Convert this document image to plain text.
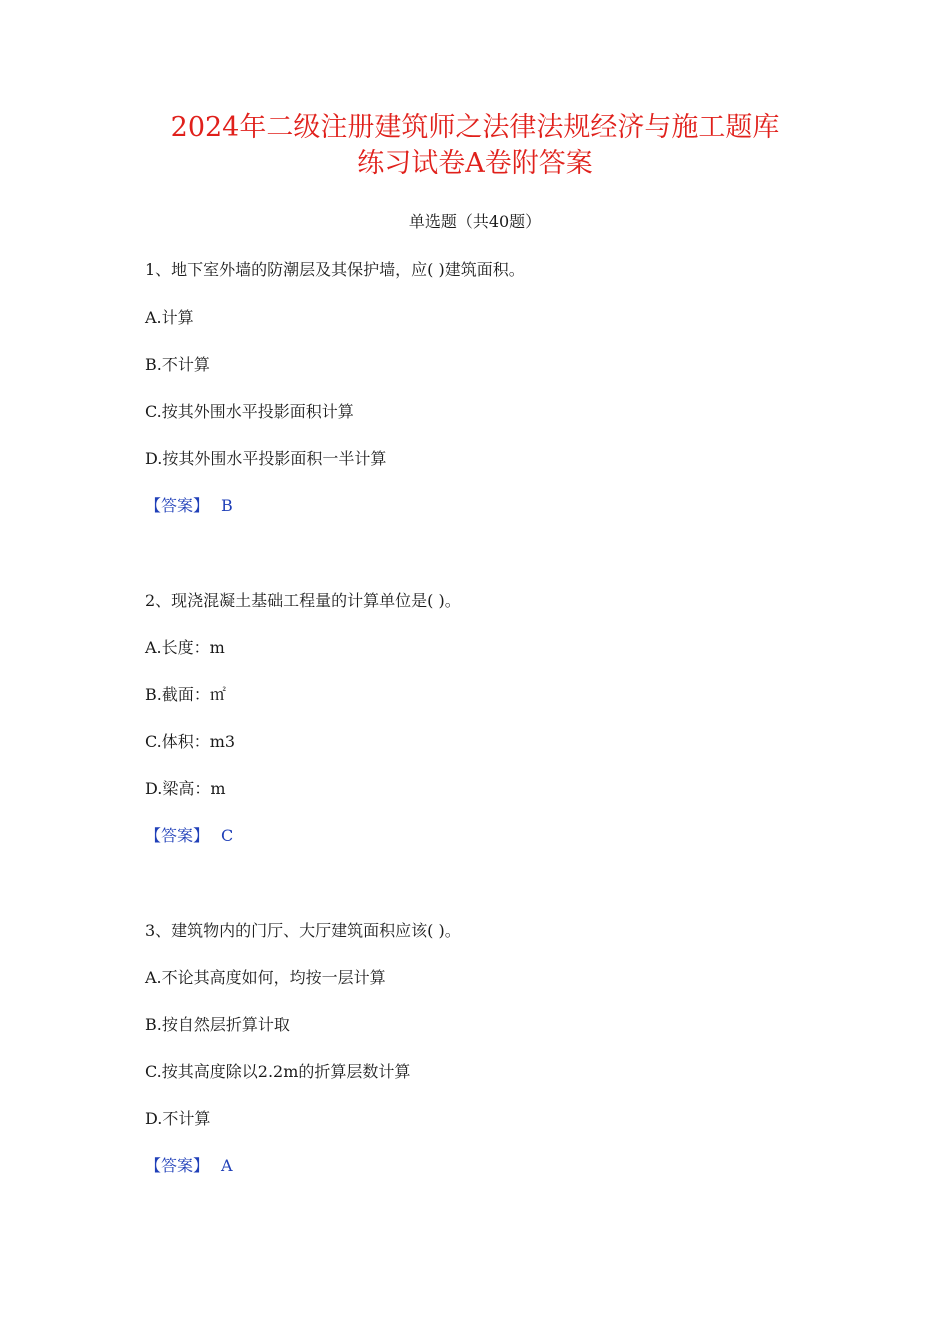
2024年二级注册建筑师之法律法规经济与施工题库
练习试卷A卷附答案
单选题（共40题）
1、地下室外墙的防潮层及其保护墙，应( )建筑面积。
A.计算
B.不计算
C.按其外围水平投影面积计算
D.按其外围水平投影面积一半计算
【答案】 B
2、现浇混凝土基础工程量的计算单位是( )。
A.长度：m
B.截面：㎡
C.体积：m3
D.梁高：m
【答案】 C
3、建筑物内的门厅、大厅建筑面积应该( )。
A.不论其高度如何，均按一层计算
B.按自然层折算计取
C.按其高度除以2.2m的折算层数计算
D.不计算
【答案】 A
